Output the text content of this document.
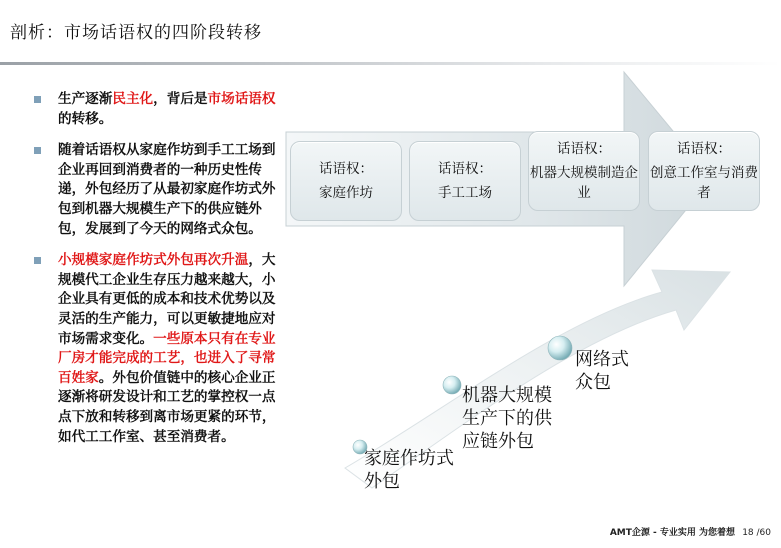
剖析：市场话语权的四阶段转移
生产逐渐民主化，背后是市场话语权的转移。
随着话语权从家庭作坊到手工工场到企业再回到消费者的一种历史性传递，外包经历了从最初家庭作坊式外包到机器大规模生产下的供应链外包，发展到了今天的网络式众包。
小规模家庭作坊式外包再次升温，大规模代工企业生存压力越来越大，小企业具有更低的成本和技术优势以及灵活的生产能力，可以更敏捷地应对市场需求变化。一些原本只有在专业厂房才能完成的工艺，也进入了寻常百姓家。外包价值链中的核心企业正逐渐将研发设计和工艺的掌控权一点点下放和转移到离市场更紧的环节，如代工工作室、甚至消费者。
话语权：
家庭作坊
话语权：
手工工场
话语权：
机器大规模制造企业
话语权：
创意工作室与消费者
家庭作坊式外包
机器大规模生产下的供应链外包
网络式众包
AMT企源 - 专业实用 为您着想 18 /60
